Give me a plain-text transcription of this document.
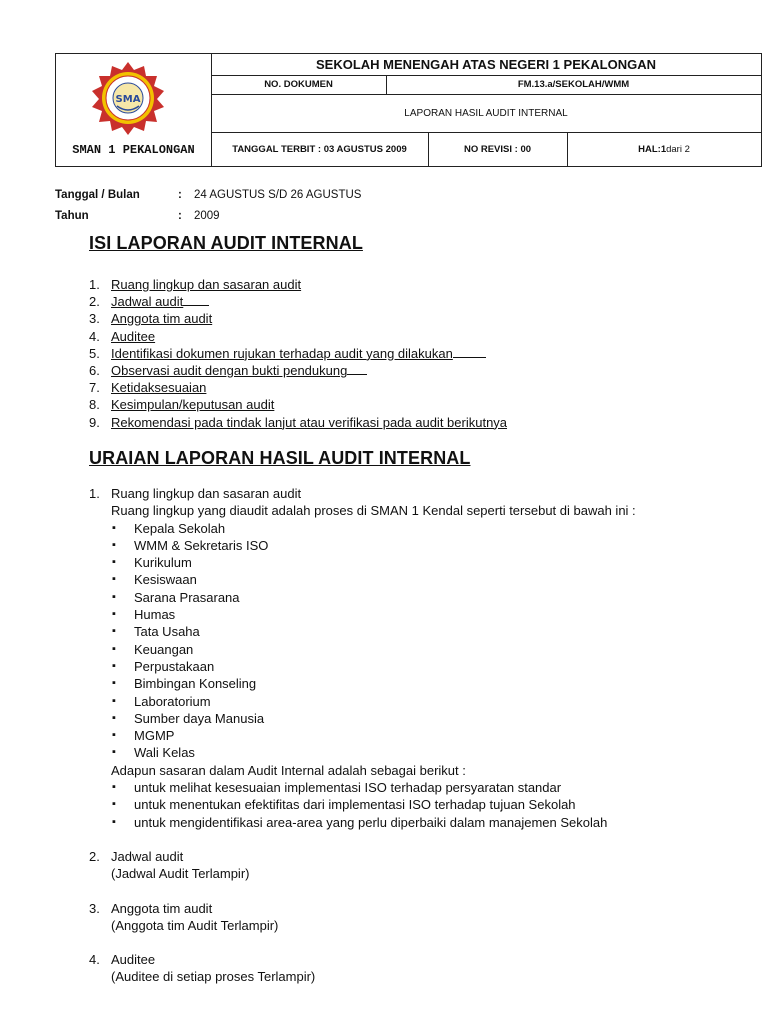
SEKOLAH MENENGAH ATAS NEGERI 1 PEKALONGAN
NO. DOKUMEN	FM.13.a/SEKOLAH/WMM
LAPORAN HASIL AUDIT INTERNAL
TANGGAL TERBIT : 03 AGUSTUS 2009	NO REVISI : 00	HAL:1 dari 2
SMAN 1 PEKALONGAN
SMA
Tanggal / Bulan	: 24 AGUSTUS S/D 26 AGUSTUS
Tahun	: 2009
ISI LAPORAN AUDIT INTERNAL
1. Ruang lingkup dan sasaran audit
2. Jadwal audit
3. Anggota tim audit
4. Auditee
5. Identifikasi dokumen rujukan terhadap audit yang dilakukan
6. Observasi audit dengan bukti pendukung
7. Ketidaksesuaian
8. Kesimpulan/keputusan audit
9. Rekomendasi pada tindak lanjut atau verifikasi pada audit berikutnya
URAIAN LAPORAN HASIL AUDIT INTERNAL
1. Ruang lingkup dan sasaran audit
Ruang lingkup yang diaudit adalah proses di SMAN 1 Kendal seperti tersebut di bawah ini :
▪ Kepala Sekolah
▪ WMM & Sekretaris ISO
▪ Kurikulum
▪ Kesiswaan
▪ Sarana Prasarana
▪ Humas
▪ Tata Usaha
▪ Keuangan
▪ Perpustakaan
▪ Bimbingan Konseling
▪ Laboratorium
▪ Sumber daya Manusia
▪ MGMP
▪ Wali Kelas
Adapun sasaran dalam Audit Internal adalah sebagai berikut :
▪ untuk melihat kesesuaian implementasi ISO terhadap persyaratan standar
▪ untuk menentukan efektifitas dari implementasi ISO terhadap tujuan Sekolah
▪ untuk mengidentifikasi area-area yang perlu diperbaiki dalam manajemen Sekolah
2. Jadwal audit
(Jadwal Audit Terlampir)
3. Anggota tim audit
(Anggota tim Audit Terlampir)
4. Auditee
(Auditee di setiap proses Terlampir)
